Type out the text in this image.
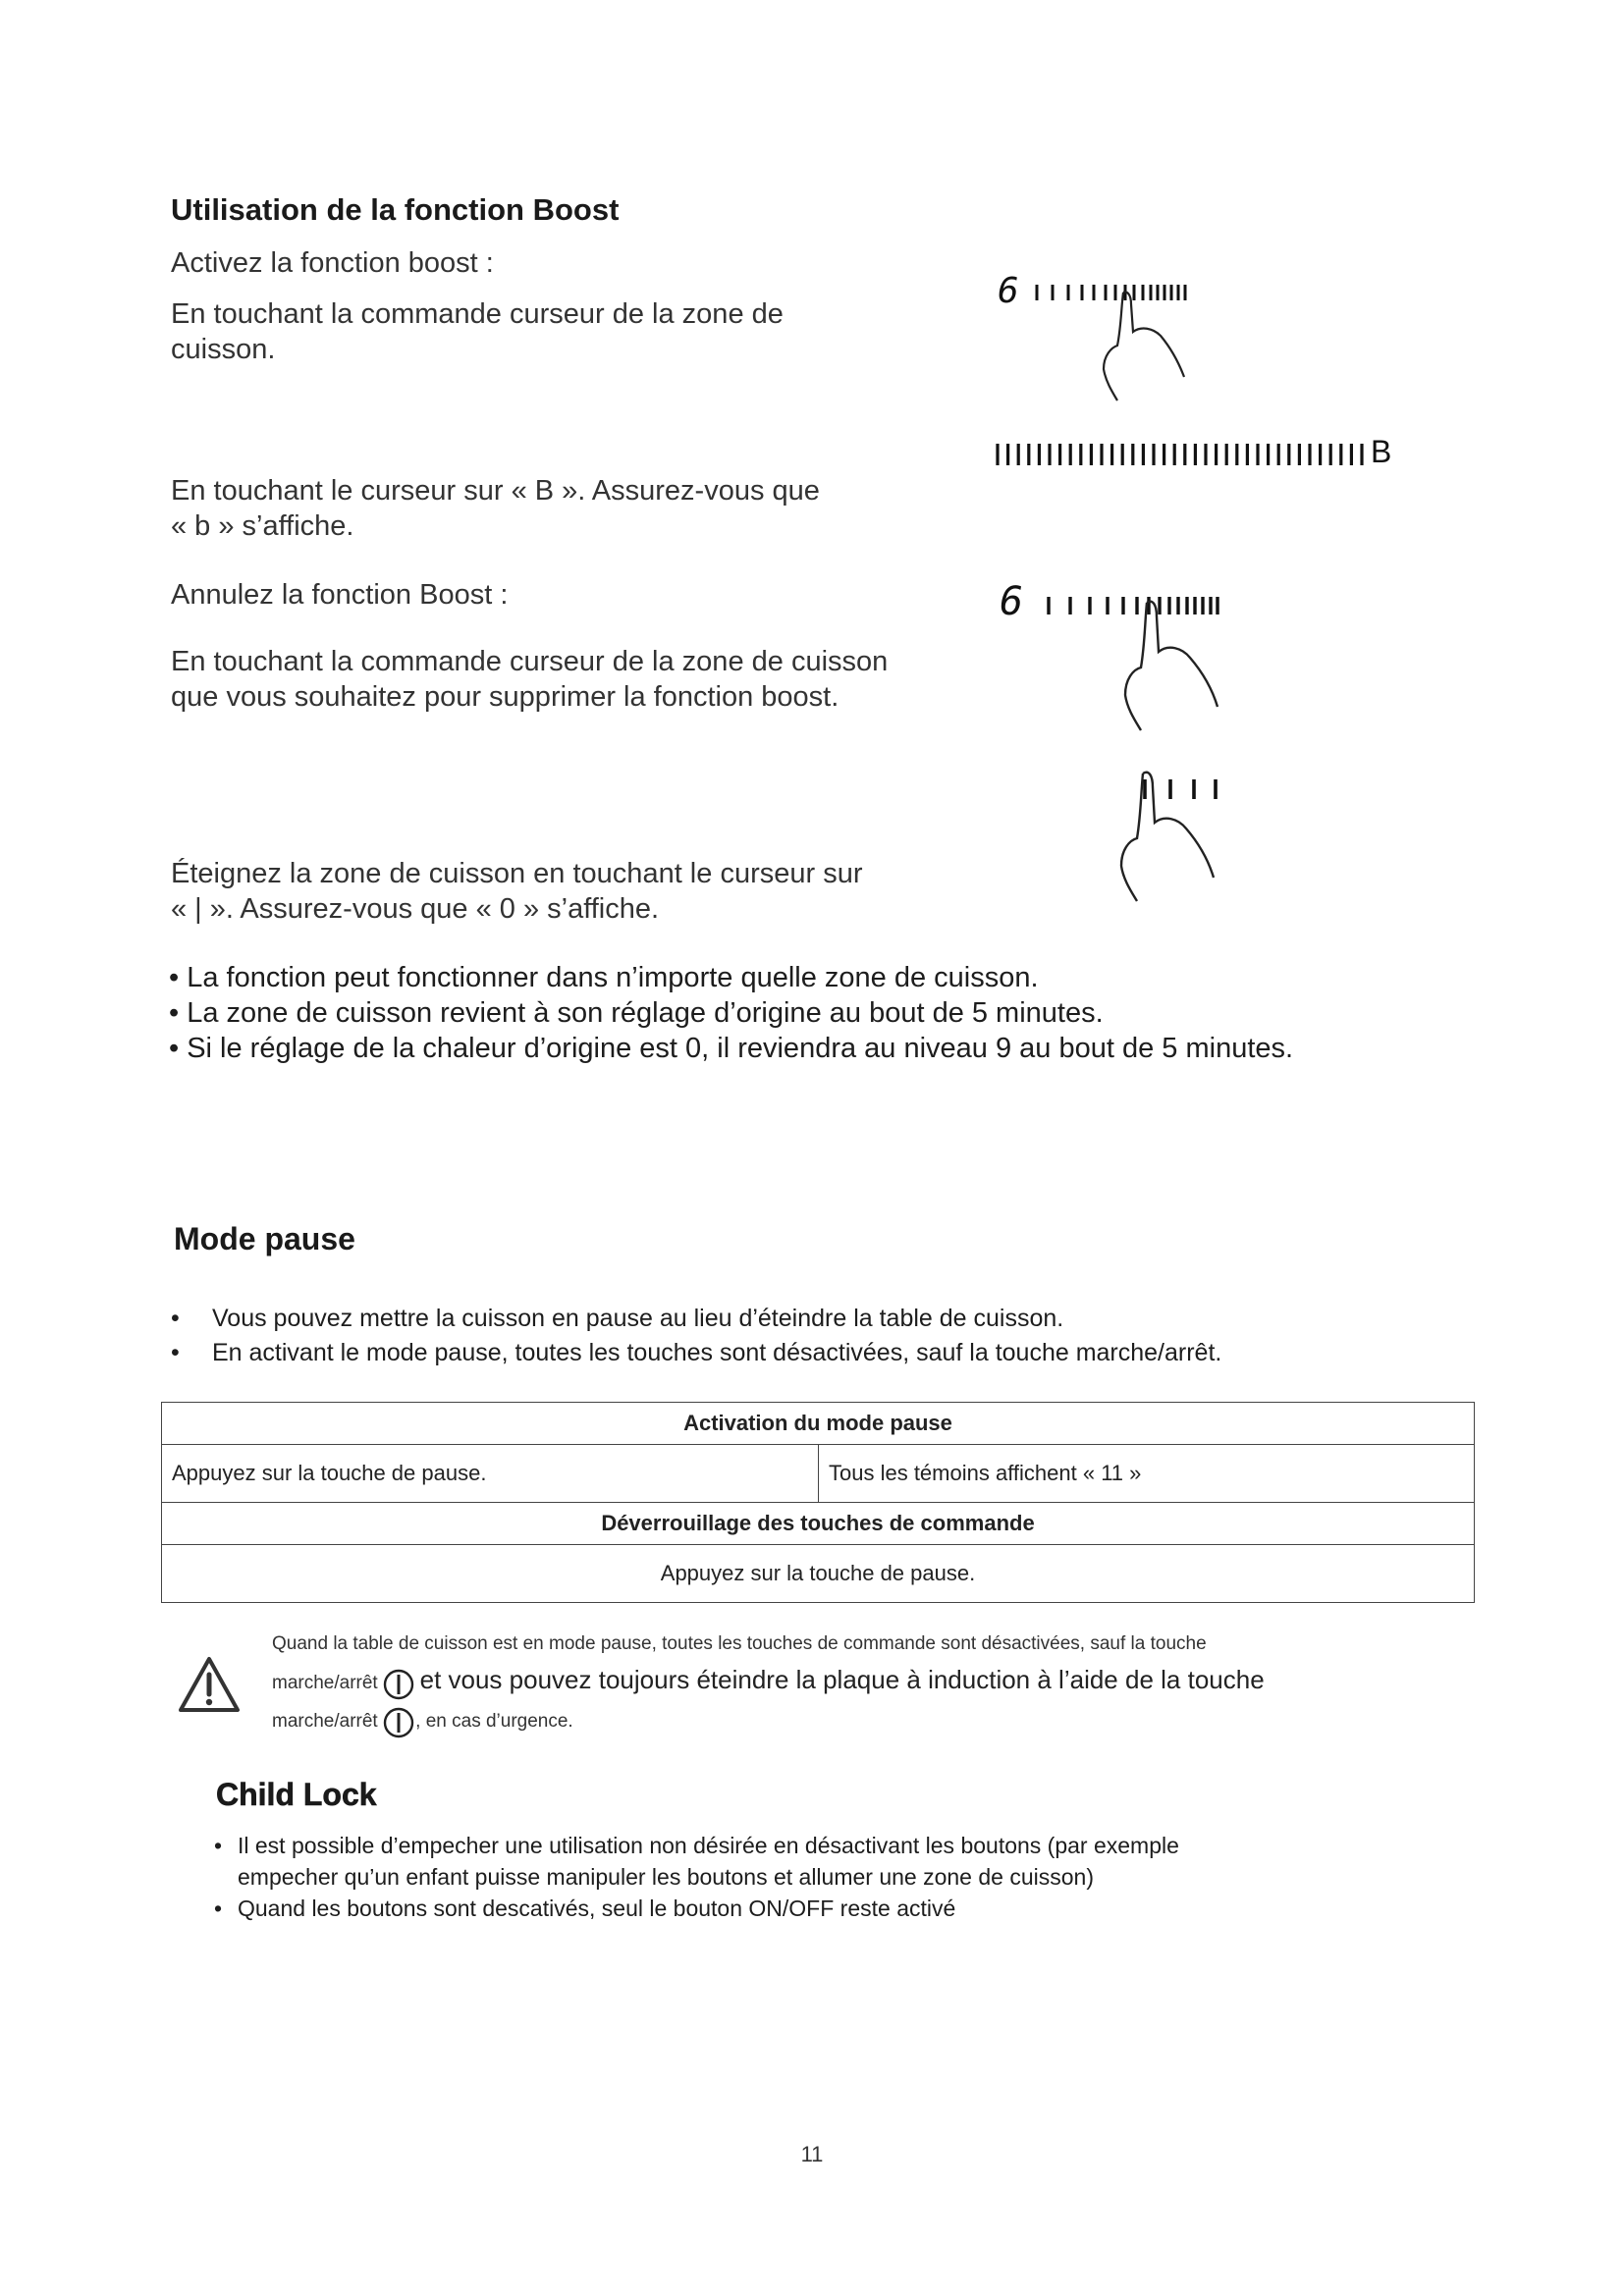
Utilisation de la fonction Boost
Activez la fonction boost :
En touchant la commande curseur de la zone de cuisson.
En touchant le curseur sur « B ». Assurez-vous que
« b » s’affiche.
Annulez la fonction Boost :
En touchant la commande curseur de la zone de cuisson que vous souhaitez pour supprimer la fonction boost.
Éteignez la zone de cuisson en touchant le curseur sur
« | ». Assurez-vous que « 0 » s’affiche.
• La fonction peut fonctionner dans n’importe quelle zone de cuisson.
• La zone de cuisson revient à son réglage d’origine au bout de 5 minutes.
• Si le réglage de la chaleur d’origine est 0, il reviendra au niveau 9 au bout de 5 minutes.
6
B
6
Mode pause
• Vous pouvez mettre la cuisson en pause au lieu d’éteindre la table de cuisson.
• En activant le mode pause, toutes les touches sont désactivées, sauf la touche marche/arrêt.
Activation du mode pause
Appuyez sur la touche de pause.	Tous les témoins affichent « 11 »
Déverrouillage des touches de commande
Appuyez sur la touche de pause.
Quand la table de cuisson est en mode pause, toutes les touches de commande sont désactivées, sauf la touche
marche/arrêt et vous pouvez toujours éteindre la plaque à induction à l’aide de la touche
marche/arrêt , en cas d’urgence.
Child Lock
• Il est possible d’empecher une utilisation non désirée en désactivant les boutons (par exemple
empecher qu’un enfant puisse manipuler les boutons et allumer une zone de cuisson)
• Quand les boutons sont descativés, seul le bouton ON/OFF reste activé
11
